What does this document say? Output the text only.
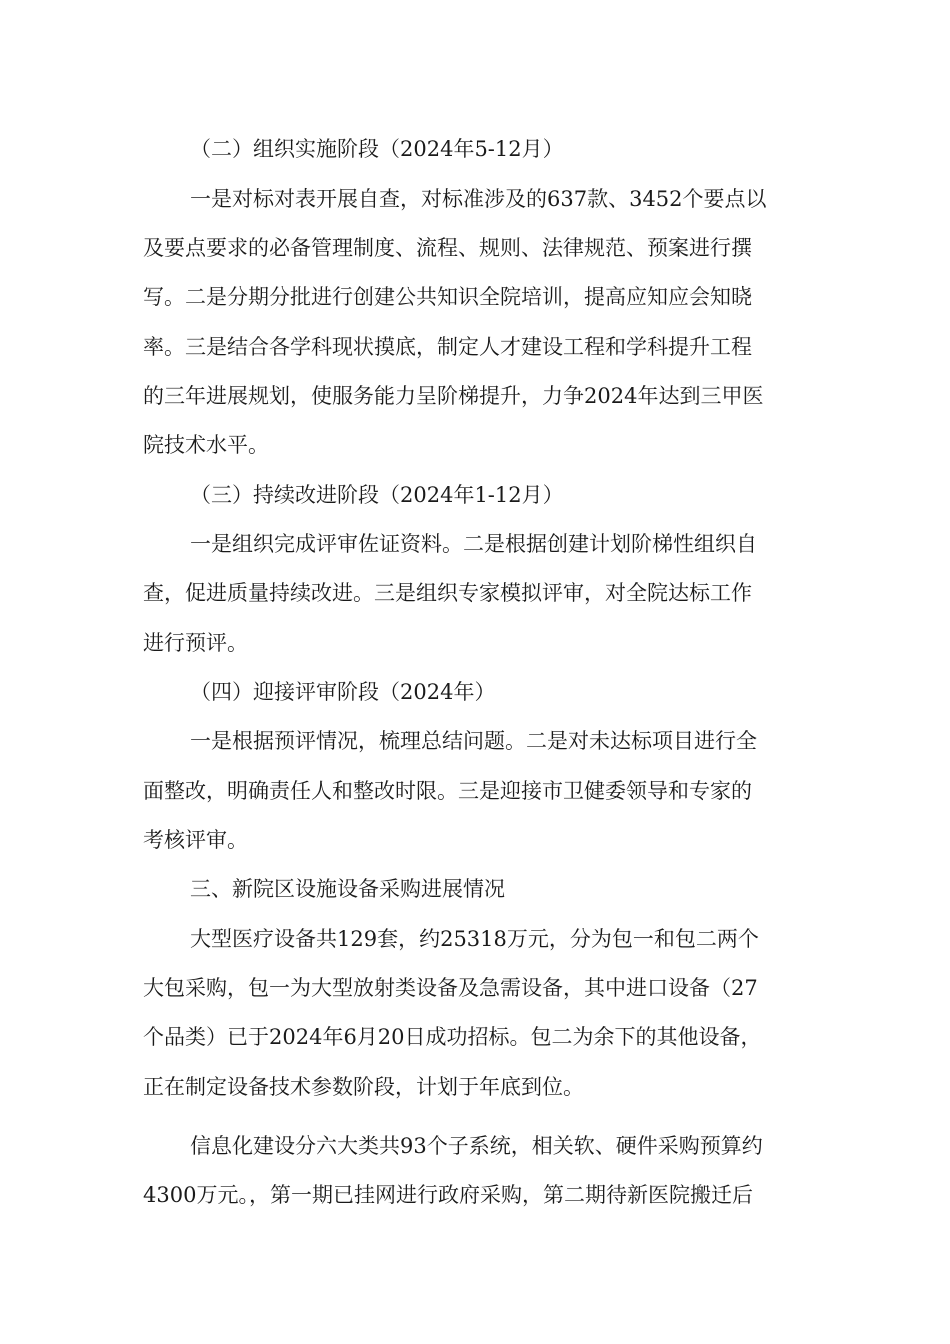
（二）组织实施阶段（2024年5-12月）
一是对标对表开展自查，对标准涉及的637款、3452个要点以
及要点要求的必备管理制度、流程、规则、法律规范、预案进行撰
写。二是分期分批进行创建公共知识全院培训，提高应知应会知晓
率。三是结合各学科现状摸底，制定人才建设工程和学科提升工程
的三年进展规划，使服务能力呈阶梯提升，力争2024年达到三甲医
院技术水平。
（三）持续改进阶段（2024年1-12月）
一是组织完成评审佐证资料。二是根据创建计划阶梯性组织自
查，促进质量持续改进。三是组织专家模拟评审，对全院达标工作
进行预评。
（四）迎接评审阶段（2024年）
一是根据预评情况，梳理总结问题。二是对未达标项目进行全
面整改，明确责任人和整改时限。三是迎接市卫健委领导和专家的
考核评审。
三、新院区设施设备采购进展情况
大型医疗设备共129套，约25318万元，分为包一和包二两个
大包采购，包一为大型放射类设备及急需设备，其中进口设备（27
个品类）已于2024年6月20日成功招标。包二为余下的其他设备，
正在制定设备技术参数阶段，计划于年底到位。
信息化建设分六大类共93个子系统，相关软、硬件采购预算约
4300万元。，第一期已挂网进行政府采购，第二期待新医院搬迁后
